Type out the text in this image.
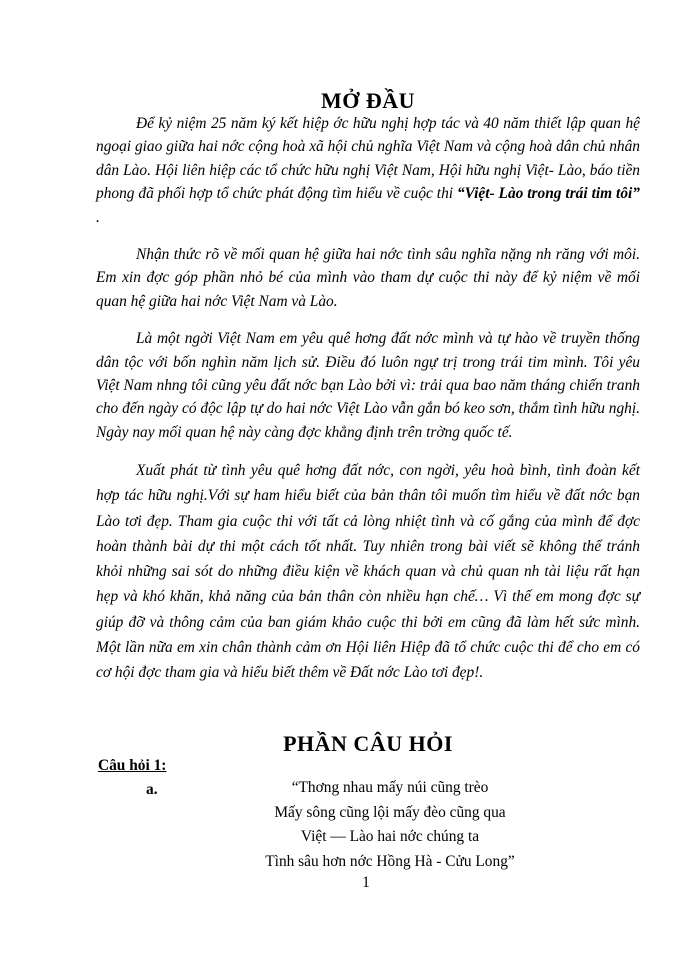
MỞ ĐẦU

Để kỷ niệm 25 năm ký kết hiệp ớc hữu nghị hợp tác và 40 năm thiết lập quan hệ ngoại giao giữa hai nớc cộng hoà xã hội chủ nghĩa Việt Nam và cộng hoà dân chủ nhân dân Lào. Hội liên hiệp các tổ chức hữu nghị Việt Nam, Hội hữu nghị Việt- Lào, báo tiền phong đã phối hợp tổ chức phát động tìm hiểu về cuộc thi “Việt- Lào trong trái tim tôi” .

Nhận thức rõ về mối quan hệ giữa hai nớc tình sâu nghĩa nặng nh răng với môi. Em xin đợc góp phần nhỏ bé của mình vào tham dự cuộc thi này để kỷ niệm về mối quan hệ giữa hai nớc Việt Nam và Lào.

Là một ngời Việt Nam em yêu quê hơng đất nớc mình và tự hào về truyền thống dân tộc với bốn nghìn năm lịch sử. Điều đó luôn ngự trị trong trái tim mình. Tôi yêu Việt Nam nhng tôi cũng yêu đất nớc bạn Lào bởi vì: trải qua bao năm tháng chiến tranh cho đến ngày có độc lập tự do hai nớc Việt Lào vẫn gắn bó keo sơn, thắm tình hữu nghị. Ngày nay mối quan hệ này càng đợc khẳng định trên trờng quốc tế.

Xuất phát từ tình yêu quê hơng đất nớc, con ngời, yêu hoà bình, tình đoàn kết hợp tác hữu nghị.Với sự ham hiểu biết của bản thân tôi muốn tìm hiểu về đất nớc bạn Lào tơi đẹp. Tham gia cuộc thi với tất cả lòng nhiệt tình và cố gắng của mình để đợc hoàn thành bài dự thi một cách tốt nhất. Tuy nhiên trong bài viết sẽ không thể tránh khỏi những sai sót do những điều kiện về khách quan và chủ quan nh tài liệu rất hạn hẹp và khó khăn, khả năng của bản thân còn nhiều hạn chế… Vì thế em mong đợc sự giúp đỡ và thông cảm của ban giám khảo cuộc thi bởi em cũng đã làm hết sức mình. Một lần nữa em xin chân thành cảm ơn Hội liên Hiệp đã tổ chức cuộc thi để cho em có cơ hội đợc tham gia và hiểu biết thêm về Đất nớc Lào tơi đẹp!.

PHẦN CÂU HỎI
Câu hỏi 1:
a.	“Thơng nhau mấy núi cũng trèo
Mấy sông cũng lội mấy đèo cũng qua
Việt — Lào hai nớc chúng ta
Tình sâu hơn nớc Hồng Hà - Cửu Long”
1
